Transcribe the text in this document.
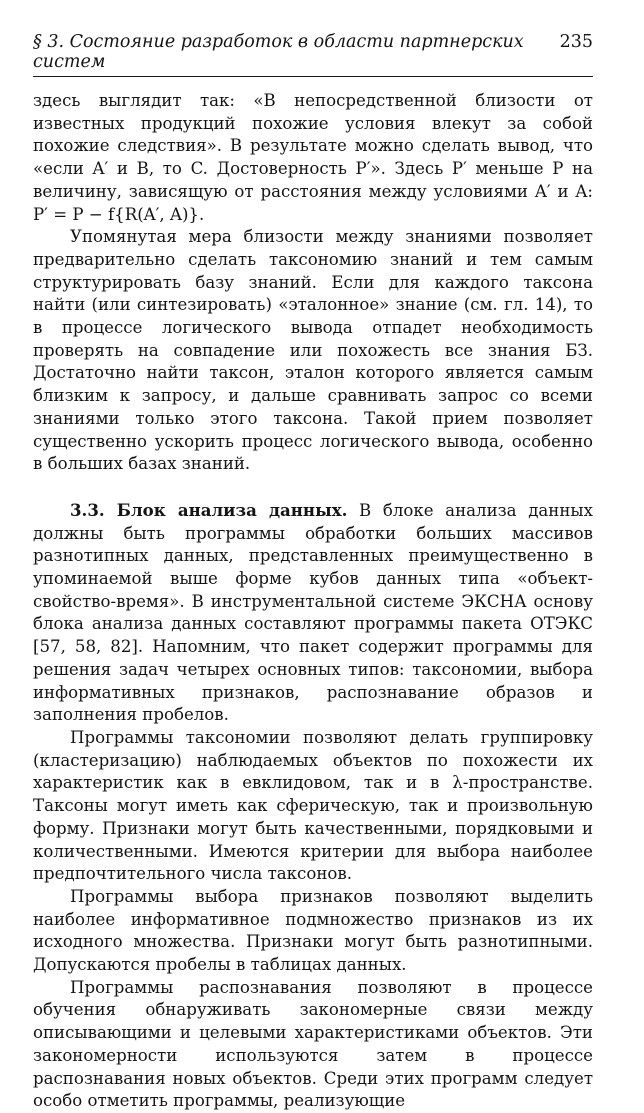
§ 3. Состояние разработок в области партнерских систем
235

здесь выглядит так: «В непосредственной близости от известных продукций похожие условия влекут за собой похожие следствия». В результате можно сделать вывод, что «если A′ и B, то C. Достоверность P′». Здесь P′ меньше P на величину, зависящую от расстояния между условиями A′ и A: P′ = P − f{R(A′, A)}.

Упомянутая мера близости между знаниями позволяет предварительно сделать таксономию знаний и тем самым структурировать базу знаний. Если для каждого таксона найти (или синтезировать) «эталонное» знание (см. гл. 14), то в процессе логического вывода отпадет необходимость проверять на совпадение или похожесть все знания БЗ. Достаточно найти таксон, эталон которого является самым близким к запросу, и дальше сравнивать запрос со всеми знаниями только этого таксона. Такой прием позволяет существенно ускорить процесс логического вывода, особенно в больших базах знаний.

3.3. Блок анализа данных. В блоке анализа данных должны быть программы обработки больших массивов разнотипных данных, представленных преимущественно в упоминаемой выше форме кубов данных типа «объект-свойство-время». В инструментальной системе ЭКСНА основу блока анализа данных составляют программы пакета ОТЭКС [57, 58, 82]. Напомним, что пакет содержит программы для решения задач четырех основных типов: таксономии, выбора информативных признаков, распознавание образов и заполнения пробелов.

Программы таксономии позволяют делать группировку (кластеризацию) наблюдаемых объектов по похожести их характеристик как в евклидовом, так и в λ-пространстве. Таксоны могут иметь как сферическую, так и произвольную форму. Признаки могут быть качественными, порядковыми и количественными. Имеются критерии для выбора наиболее предпочтительного числа таксонов.

Программы выбора признаков позволяют выделить наиболее информативное подмножество признаков из их исходного множества. Признаки могут быть разнотипными. Допускаются пробелы в таблицах данных.

Программы распознавания позволяют в процессе обучения обнаруживать закономерные связи между описывающими и целевыми характеристиками объектов. Эти закономерности используются затем в процессе распознавания новых объектов. Среди этих программ следует особо отметить программы, реализующие
